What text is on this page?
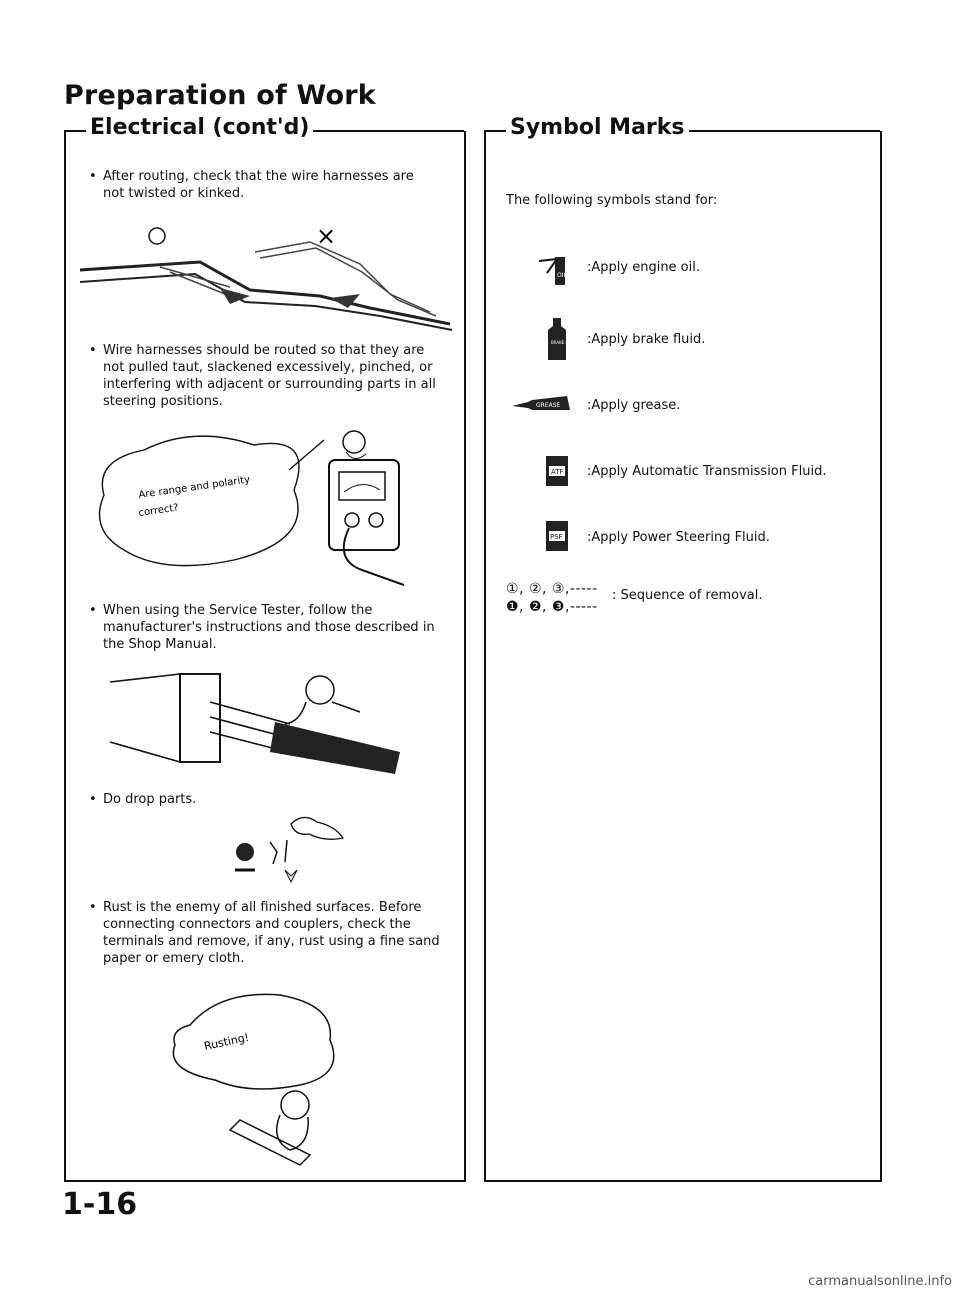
Preparation of Work
Electrical (cont'd)	Symbol Marks
• After routing, check that the wire harnesses are
not twisted or kinked.
×
• Wire harnesses should be routed so that they are
not pulled taut, slackened excessively, pinched, or
interfering with adjacent or surrounding parts in all
steering positions.
Are range and polarity
correct?
• When using the Service Tester, follow the
manufacturer's instructions and those described in
the Shop Manual.
• Do drop parts.
• Rust is the enemy of all finished surfaces. Before
connecting connectors and couplers, check the
terminals and remove, if any, rust using a fine sand
paper or emery cloth.
Rusting!
The following symbols stand for:
OIL
:Apply engine oil.
BRAKE FLUID :Apply brake fluid.
GREASE :Apply grease.
ATF :Apply Automatic Transmission Fluid.
PSF :Apply Power Steering Fluid.
①, ②, ③,-----
❶, ❷, ❸,-----
: Sequence of removal.
1-16
carmanualsonline.info
